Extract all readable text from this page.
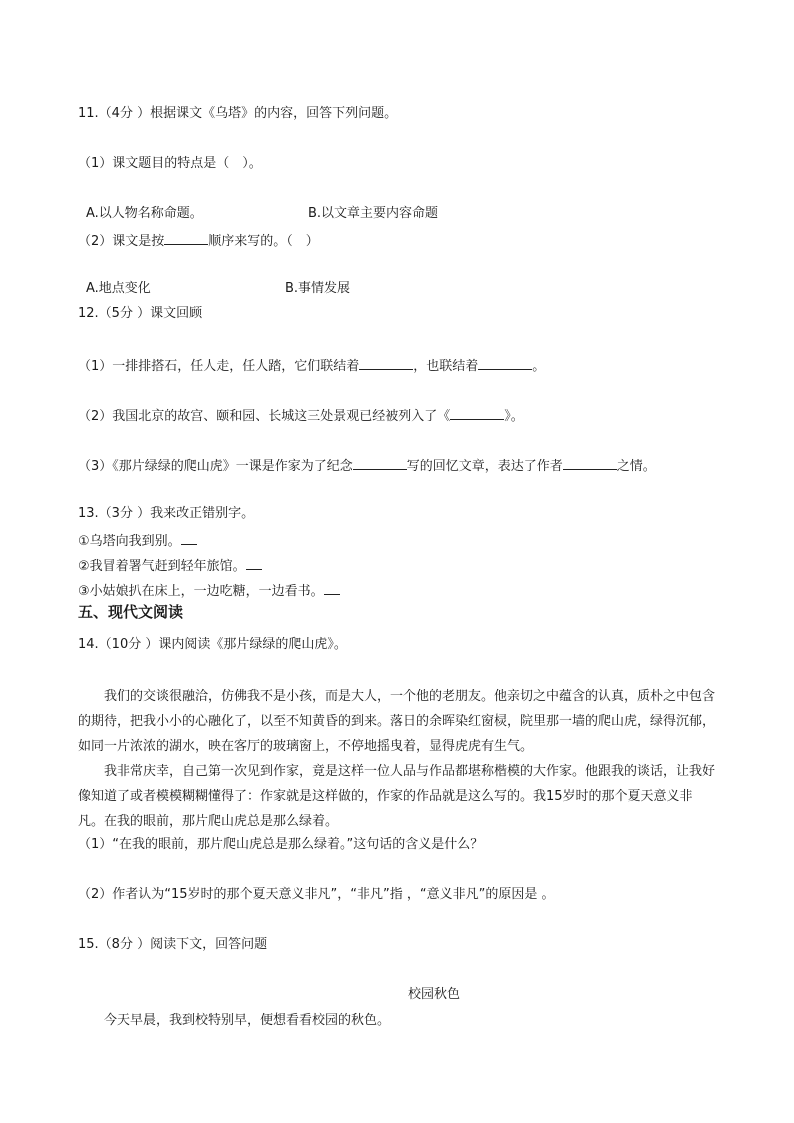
11.（4分 ）根据课文《乌塔》的内容，回答下列问题。
（1）课文题目的特点是（　）。
A.以人物名称命题。	B.以文章主要内容命题
（2）课文是按	顺序来写的。（　）
A.地点变化	B.事情发展
12.（5分 ）课文回顾
（1）一排排搭石，任人走，任人踏，它们联结着	，也联结着	。
（2）我国北京的故宫、颐和园、长城这三处景观已经被列入了《	》。
（3）《那片绿绿的爬山虎》一课是作家为了纪念	写的回忆文章，表达了作者	之情。
13.（3分 ）我来改正错别字。
①乌塔向我到别。
②我冒着署气赶到轻年旅馆。
③小姑娘扒在床上，一边吃糖，一边看书。
五、现代文阅读
14.（10分 ）课内阅读《那片绿绿的爬山虎》。

我们的交谈很融洽，仿佛我不是小孩，而是大人，一个他的老朋友。他亲切之中蕴含的认真，质朴之中包含的期待，把我小小的心融化了，以至不知黄昏的到来。落日的余晖染红窗棂，院里那一墙的爬山虎，绿得沉郁，如同一片浓浓的湖水，映在客厅的玻璃窗上，不停地摇曳着，显得虎虎有生气。

我非常庆幸，自己第一次见到作家，竟是这样一位人品与作品都堪称楷模的大作家。他跟我的谈话，让我好像知道了或者模模糊糊懂得了：作家就是这样做的，作家的作品就是这么写的。我15岁时的那个夏天意义非凡。在我的眼前，那片爬山虎总是那么绿着。

（1）“在我的眼前，那片爬山虎总是那么绿着。”这句话的含义是什么？
（2）作者认为“15岁时的那个夏天意义非凡”，“非凡”指 ，“意义非凡”的原因是 。
15.（8分 ）阅读下文，回答问题
校园秋色
今天早晨，我到校特别早，便想看看校园的秋色。
